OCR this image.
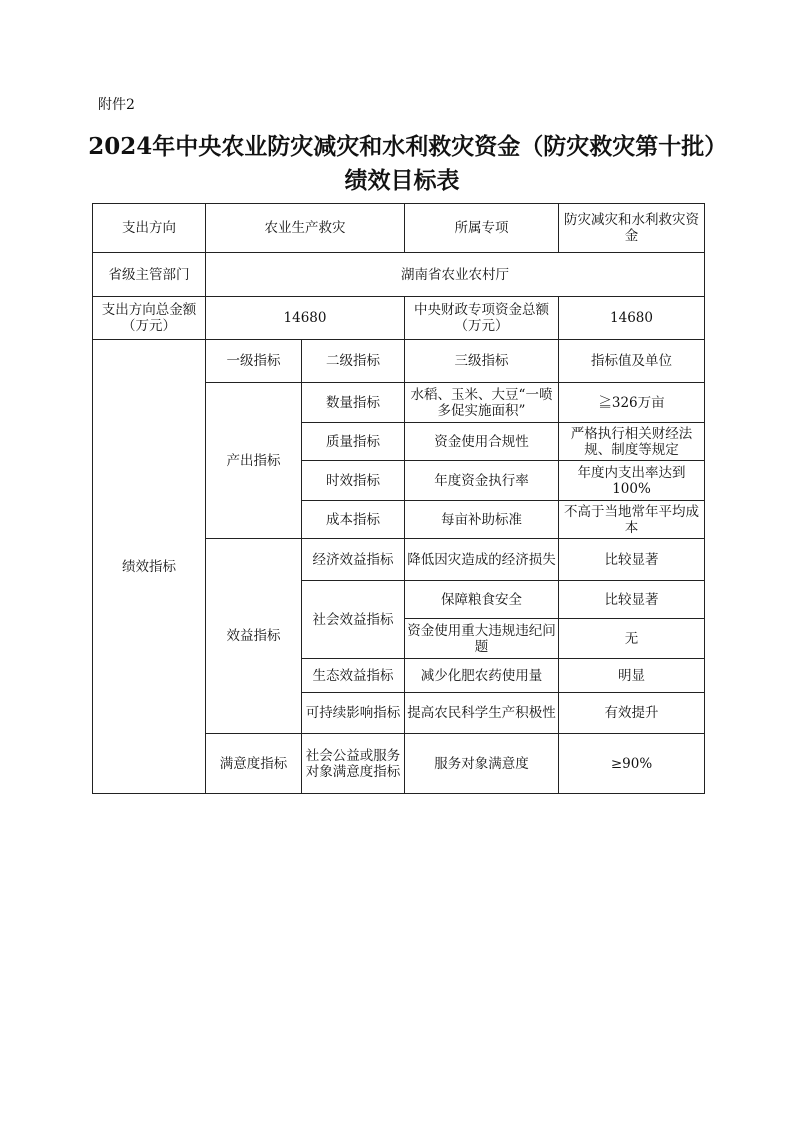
附件2
2024年中央农业防灾减灾和水利救灾资金（防灾救灾第十批）绩效目标表
支出方向	农业生产救灾		所属专项	防灾减灾和水利救灾资金
省级主管部门	湖南省农业农村厅			
支出方向总金额（万元）	14680		中央财政专项资金总额（万元）	14680
绩效指标	一级指标	二级指标	三级指标	指标值及单位
	产出指标	数量指标	水稻、玉米、大豆“一喷多促实施面积”	≧326万亩
		质量指标	资金使用合规性	严格执行相关财经法规、制度等规定
		时效指标	年度资金执行率	年度内支出率达到100%
		成本指标	每亩补助标准	不高于当地常年平均成本
	效益指标	经济效益指标	降低因灾造成的经济损失	比较显著
		社会效益指标	保障粮食安全	比较显著
			资金使用重大违规违纪问题	无
		生态效益指标	减少化肥农药使用量	明显
		可持续影响指标	提高农民科学生产积极性	有效提升
	满意度指标	社会公益或服务对象满意度指标	服务对象满意度	≥90%
